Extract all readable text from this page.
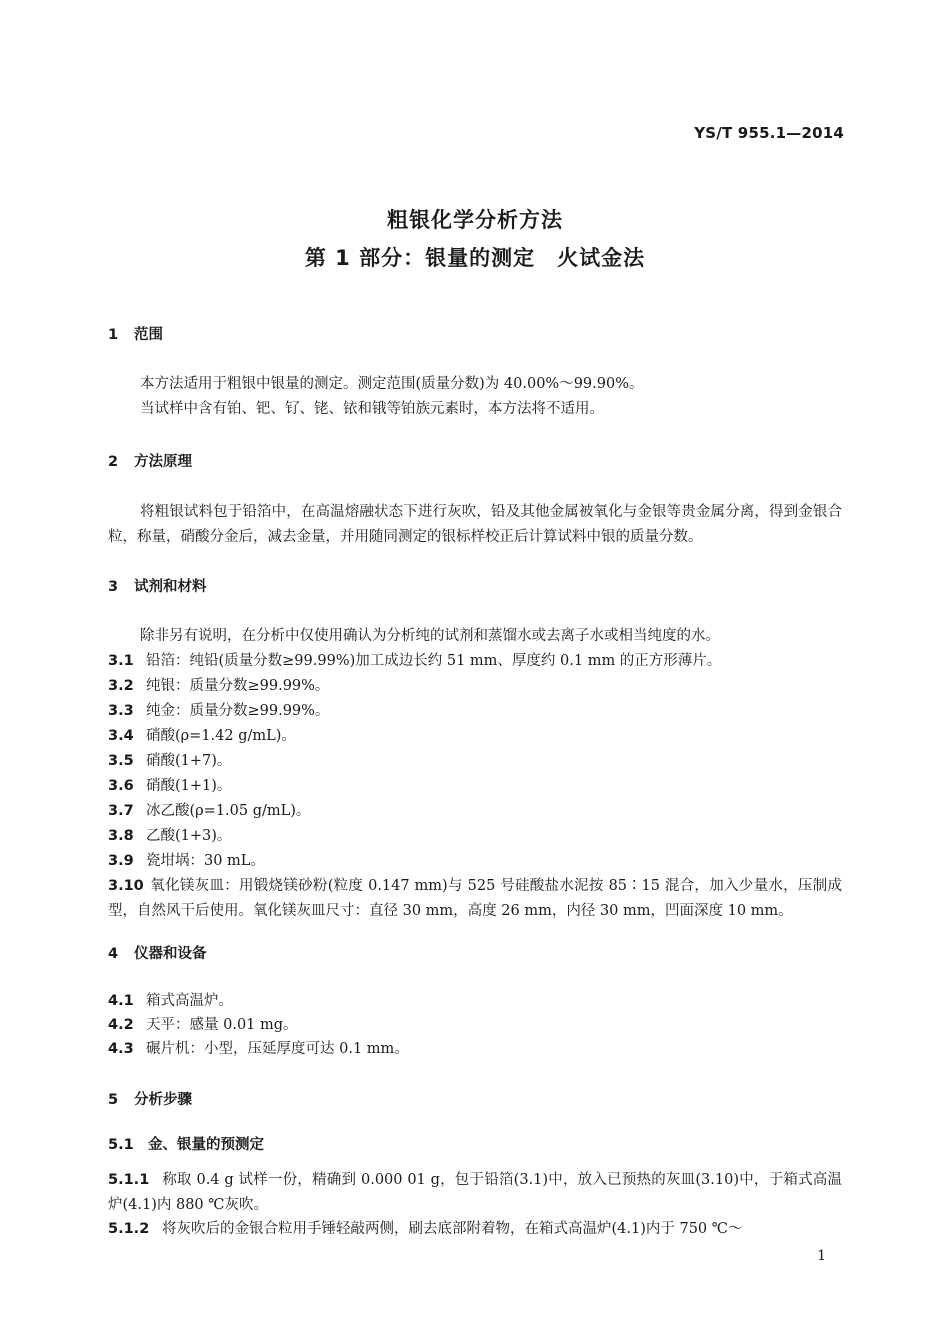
YS/T 955.1—2014
粗银化学分析方法
第 1 部分：银量的测定　火试金法
1 范围
本方法适用于粗银中银量的测定。测定范围(质量分数)为 40.00%～99.90%。
当试样中含有铂、钯、钌、铑、铱和锇等铂族元素时，本方法将不适用。
2 方法原理
将粗银试料包于铅箔中，在高温熔融状态下进行灰吹，铅及其他金属被氧化与金银等贵金属分离，得到金银合粒，称量，硝酸分金后，减去金量，并用随同测定的银标样校正后计算试料中银的质量分数。
3 试剂和材料
除非另有说明，在分析中仅使用确认为分析纯的试剂和蒸馏水或去离子水或相当纯度的水。
3.1 铅箔：纯铅(质量分数≥99.99%)加工成边长约 51 mm、厚度约 0.1 mm 的正方形薄片。
3.2 纯银：质量分数≥99.99%。
3.3 纯金：质量分数≥99.99%。
3.4 硝酸(ρ=1.42 g/mL)。
3.5 硝酸(1+7)。
3.6 硝酸(1+1)。
3.7 冰乙酸(ρ=1.05 g/mL)。
3.8 乙酸(1+3)。
3.9 瓷坩埚：30 mL。
3.10 氧化镁灰皿：用锻烧镁砂粉(粒度 0.147 mm)与 525 号硅酸盐水泥按 85∶15 混合，加入少量水，压制成型，自然风干后使用。氧化镁灰皿尺寸：直径 30 mm，高度 26 mm，内径 30 mm，凹面深度 10 mm。
4 仪器和设备
4.1 箱式高温炉。
4.2 天平：感量 0.01 mg。
4.3 碾片机：小型，压延厚度可达 0.1 mm。
5 分析步骤
5.1 金、银量的预测定
5.1.1 称取 0.4 g 试样一份，精确到 0.000 01 g，包于铅箔(3.1)中，放入已预热的灰皿(3.10)中，于箱式高温炉(4.1)内 880 ℃灰吹。
5.1.2 将灰吹后的金银合粒用手锤轻敲两侧，刷去底部附着物，在箱式高温炉(4.1)内于 750 ℃～
1
